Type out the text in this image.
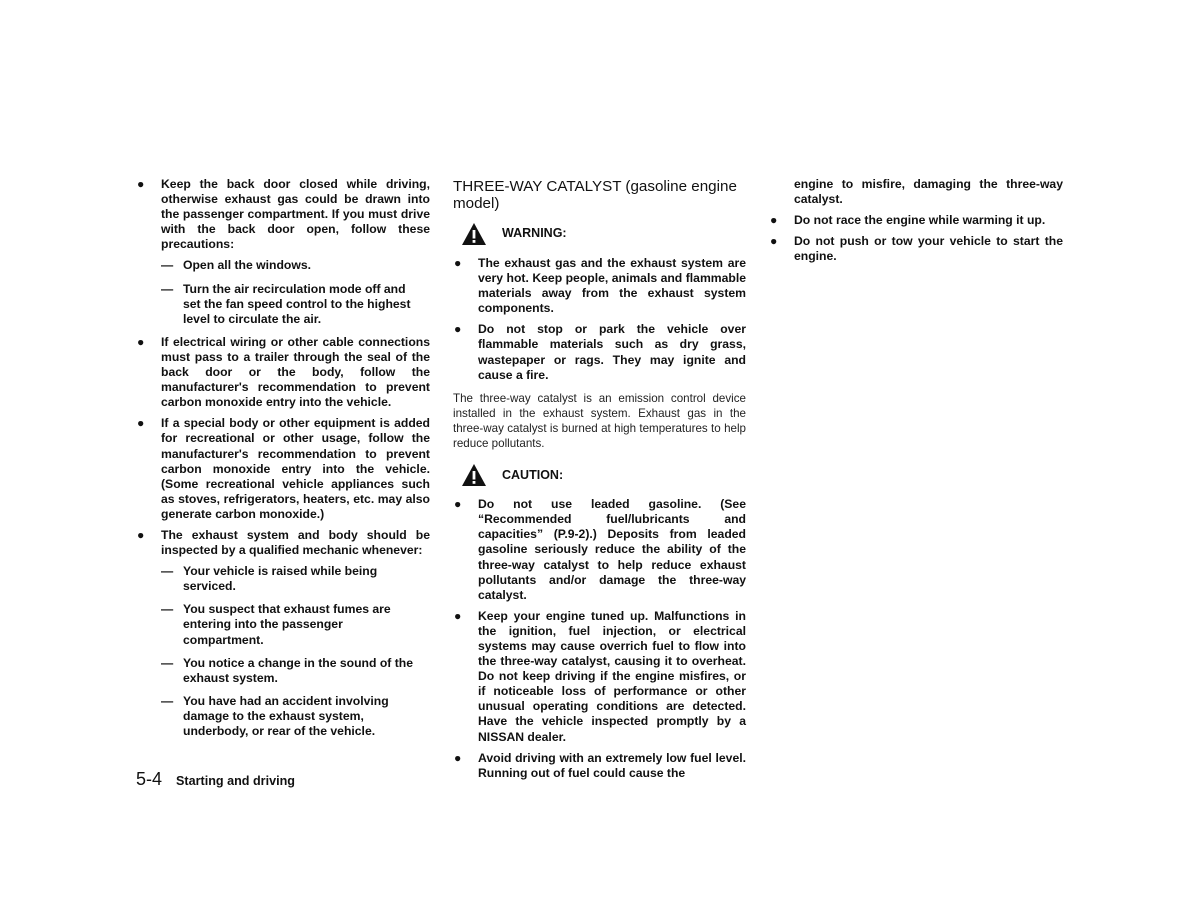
● Keep the back door closed while driving, otherwise exhaust gas could be drawn into the passenger compartment. If you must drive with the back door open, follow these precautions:
— Open all the windows.
— Turn the air recirculation mode off and set the fan speed control to the highest level to circulate the air.
● If electrical wiring or other cable connections must pass to a trailer through the seal of the back door or the body, follow the manufacturer's recommendation to prevent carbon monoxide entry into the vehicle.
● If a special body or other equipment is added for recreational or other usage, follow the manufacturer's recommendation to prevent carbon monoxide entry into the vehicle. (Some recreational vehicle appliances such as stoves, refrigerators, heaters, etc. may also generate carbon monoxide.)
● The exhaust system and body should be inspected by a qualified mechanic whenever:
— Your vehicle is raised while being serviced.
— You suspect that exhaust fumes are entering into the passenger compartment.
— You notice a change in the sound of the exhaust system.
— You have had an accident involving damage to the exhaust system, underbody, or rear of the vehicle.
THREE-WAY CATALYST (gasoline engine model)
WARNING:
● The exhaust gas and the exhaust system are very hot. Keep people, animals and flammable materials away from the exhaust system components.
● Do not stop or park the vehicle over flammable materials such as dry grass, wastepaper or rags. They may ignite and cause a fire.
The three-way catalyst is an emission control device installed in the exhaust system. Exhaust gas in the three-way catalyst is burned at high temperatures to help reduce pollutants.
CAUTION:
● Do not use leaded gasoline. (See “Recommended fuel/lubricants and capacities” (P.9-2).) Deposits from leaded gasoline seriously reduce the ability of the three-way catalyst to help reduce exhaust pollutants and/or damage the three-way catalyst.
● Keep your engine tuned up. Malfunctions in the ignition, fuel injection, or electrical systems may cause overrich fuel to flow into the three-way catalyst, causing it to overheat. Do not keep driving if the engine misfires, or if noticeable loss of performance or other unusual operating conditions are detected. Have the vehicle inspected promptly by a NISSAN dealer.
● Avoid driving with an extremely low fuel level. Running out of fuel could cause the
engine to misfire, damaging the three-way catalyst.
● Do not race the engine while warming it up.
● Do not push or tow your vehicle to start the engine.
5-4 Starting and driving
